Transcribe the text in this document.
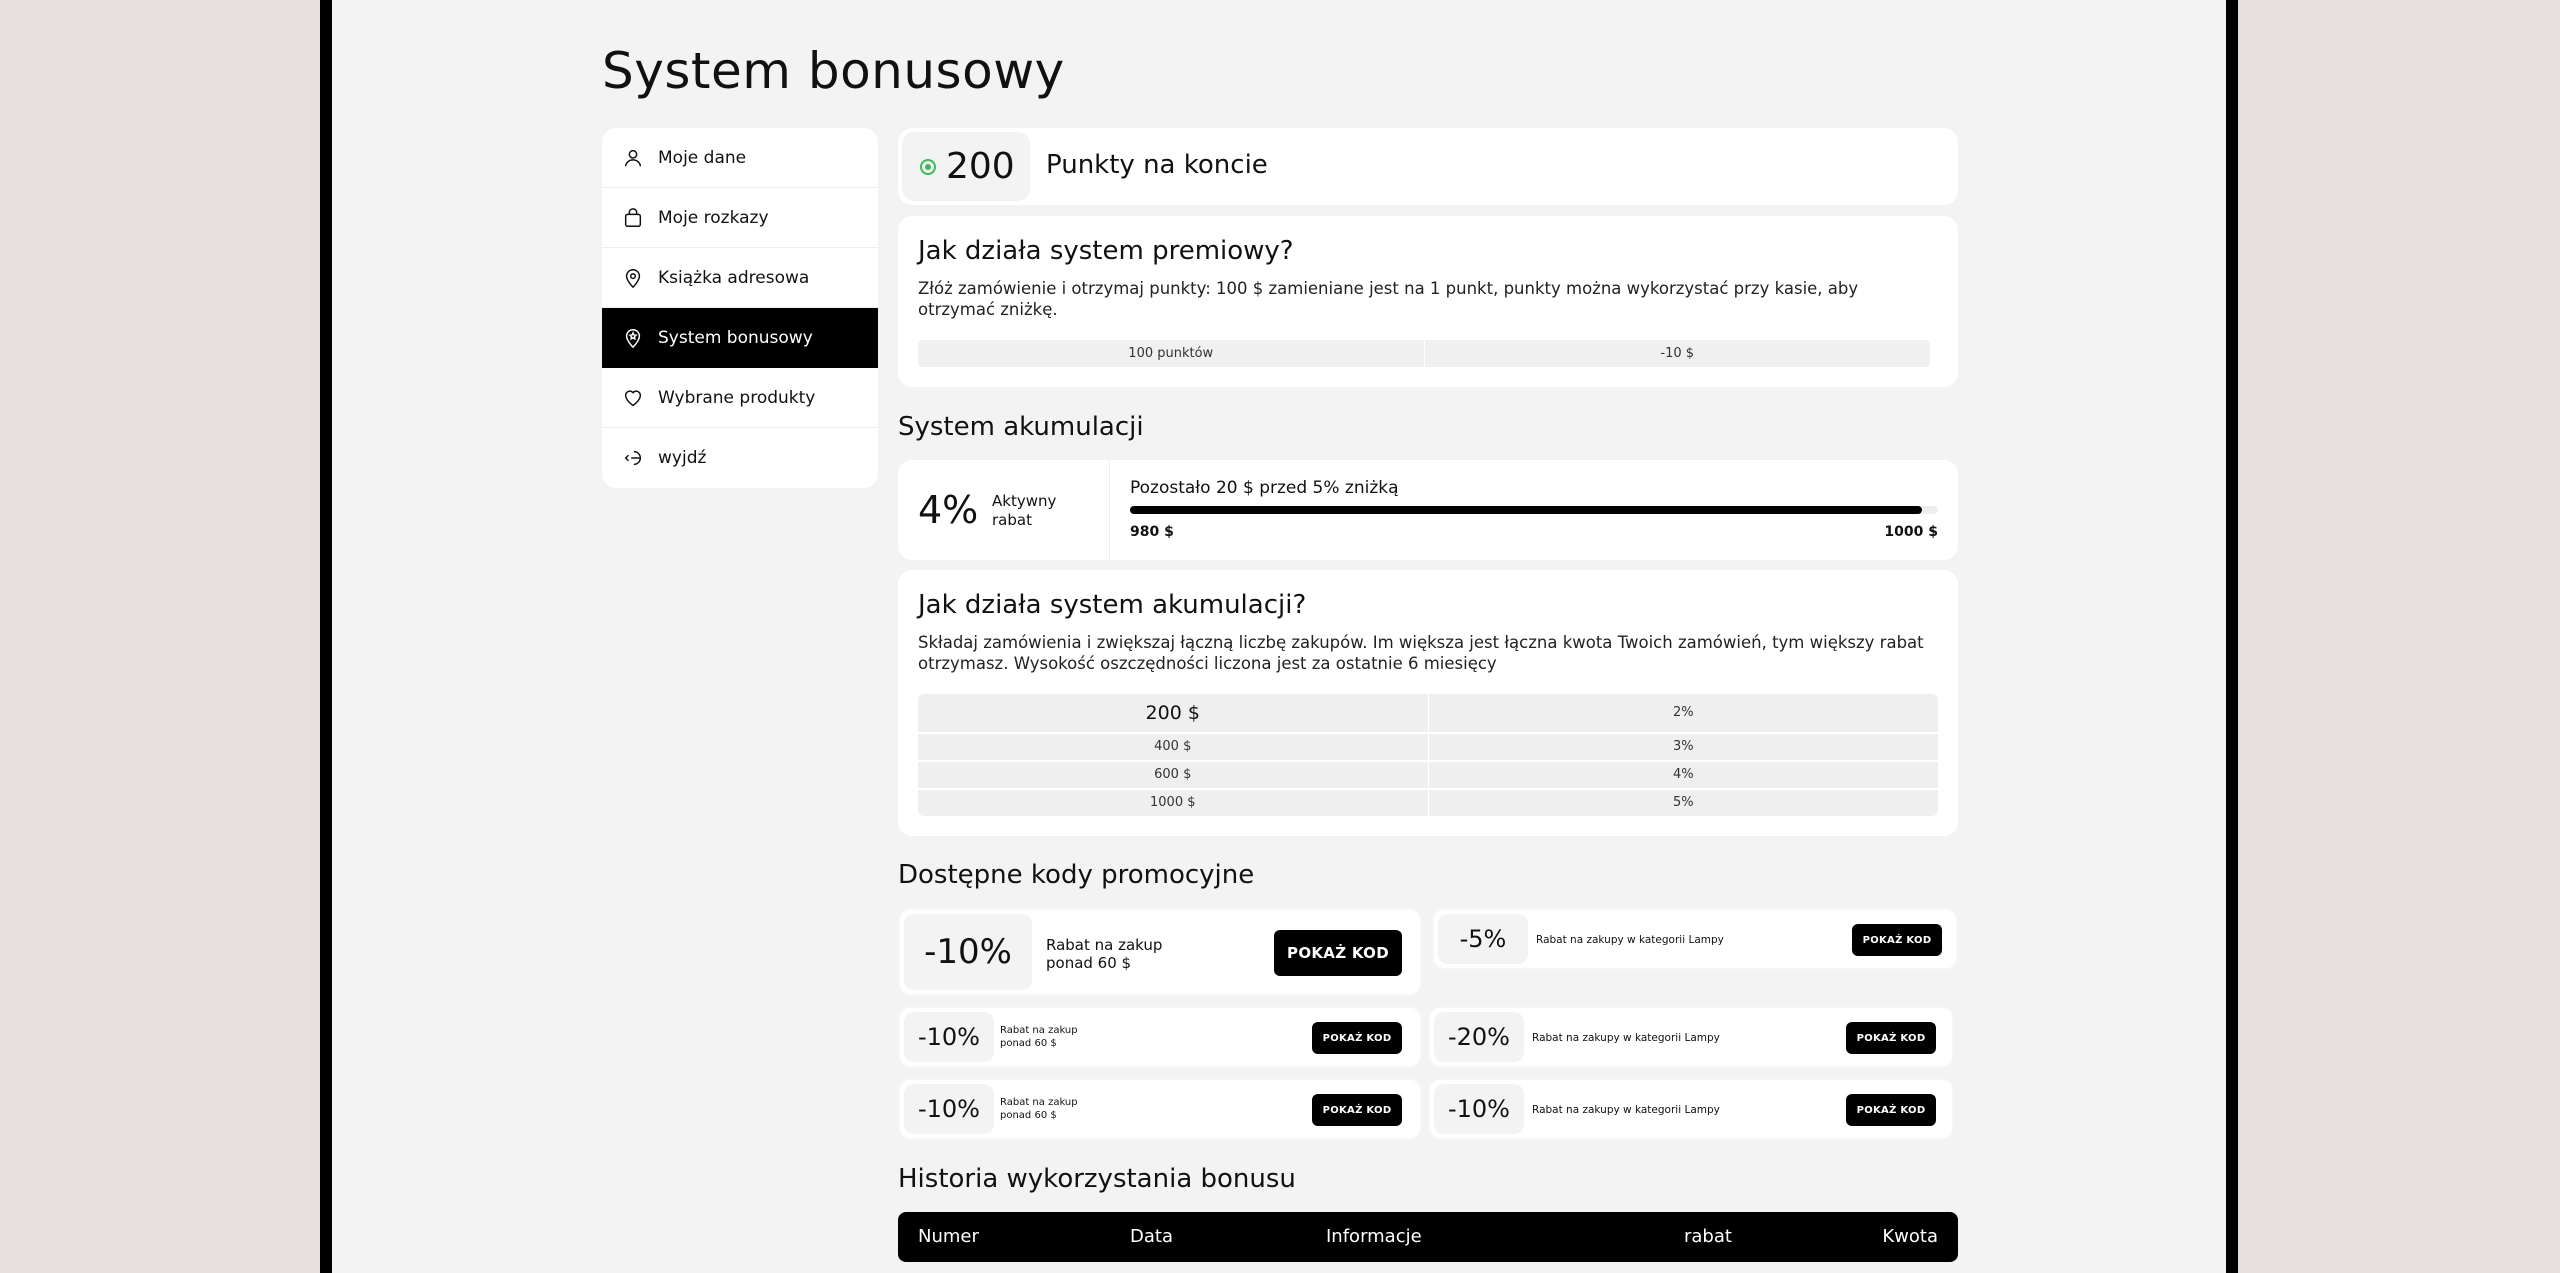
System bonusowy
Moje dane
Moje rozkazy
Książka adresowa
System bonusowy
Wybrane produkty
wyjdź
200 Punkty na koncie
Jak działa system premiowy?

Złóż zamówienie i otrzymaj punkty: 100 $ zamieniane jest na 1 punkt, punkty można wykorzystać przy kasie, aby otrzymać zniżkę.

100 punktów	-10 $
System akumulacji
4% Aktywny rabat
Pozostało 20 $ przed 5% zniżką
980 $	1000 $
Jak działa system akumulacji?

Składaj zamówienia i zwiększaj łączną liczbę zakupów. Im większa jest łączna kwota Twoich zamówień, tym większy rabat otrzymasz. Wysokość oszczędności liczona jest za ostatnie 6 miesięcy

200 $	2%
400 $	3%
600 $	4%
1000 $	5%
Dostępne kody promocyjne
-10%	Rabat na zakup ponad 60 $
POKAŻ KOD	-5%	Rabat na zakupy w kategorii Lampy	POKAŻ KOD
-10%	Rabat na zakup ponad 60 $	POKAŻ KOD	-20%	Rabat na zakupy w kategorii Lampy	POKAŻ KOD
-10%	Rabat na zakup ponad 60 $	POKAŻ KOD	-10%	Rabat na zakupy w kategorii Lampy	POKAŻ KOD
Historia wykorzystania bonusu
Numer	Data	Informacje	rabat	Kwota
